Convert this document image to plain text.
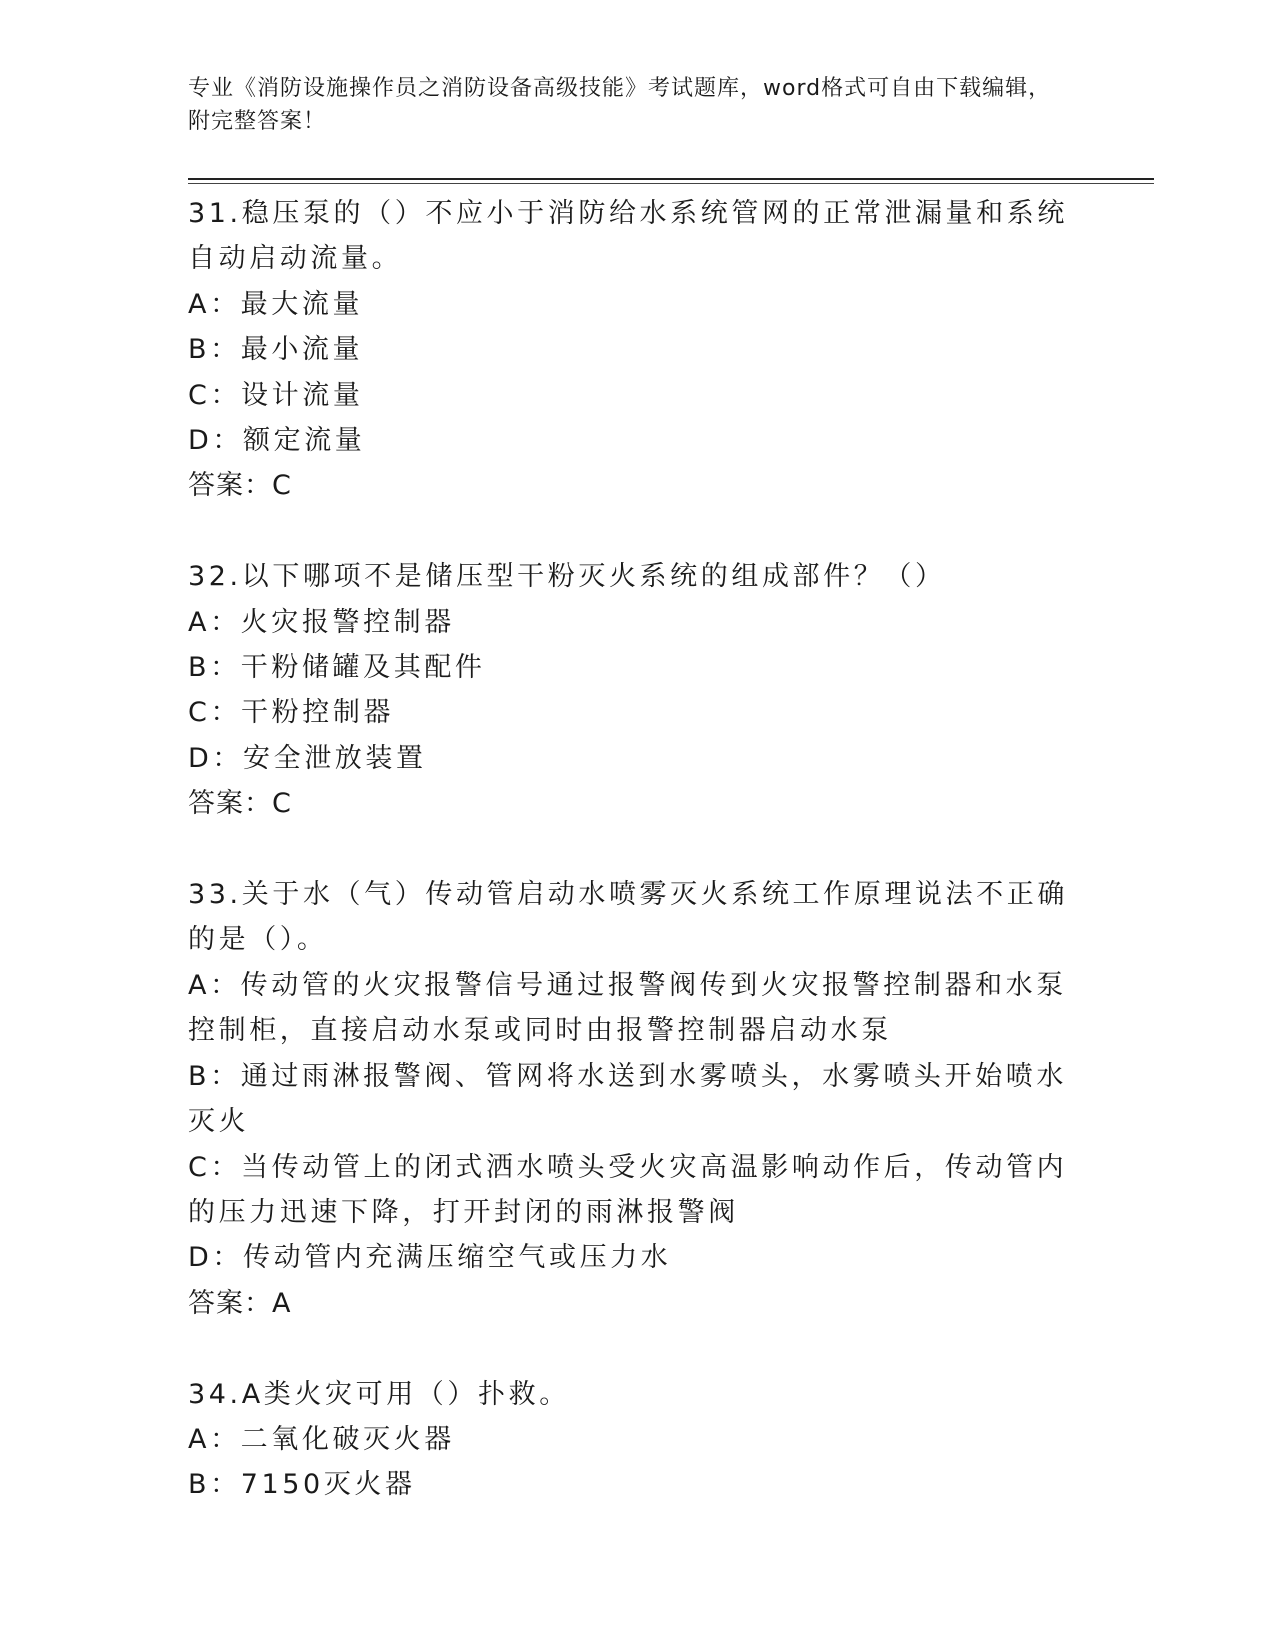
专业《消防设施操作员之消防设备高级技能》考试题库，word格式可自由下载编辑，附完整答案！
31.稳压泵的（）不应小于消防给水系统管网的正常泄漏量和系统自动启动流量。
A：最大流量
B：最小流量
C：设计流量
D：额定流量
答案：C
32.以下哪项不是储压型干粉灭火系统的组成部件？（）
A：火灾报警控制器
B：干粉储罐及其配件
C：干粉控制器
D：安全泄放装置
答案：C
33.关于水（气）传动管启动水喷雾灭火系统工作原理说法不正确的是（）。
A：传动管的火灾报警信号通过报警阀传到火灾报警控制器和水泵控制柜，直接启动水泵或同时由报警控制器启动水泵
B：通过雨淋报警阀、管网将水送到水雾喷头，水雾喷头开始喷水灭火
C：当传动管上的闭式洒水喷头受火灾高温影响动作后，传动管内的压力迅速下降，打开封闭的雨淋报警阀
D：传动管内充满压缩空气或压力水
答案：A
34.A类火灾可用（）扑救。
A：二氧化破灭火器
B：7150灭火器
